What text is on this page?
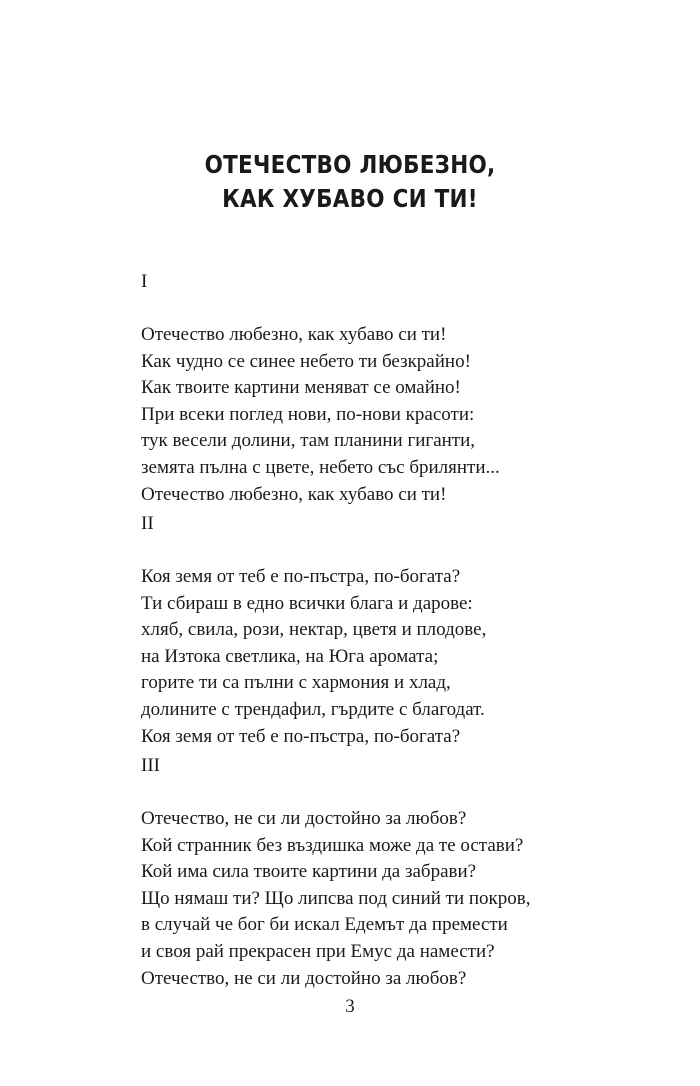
ОТЕЧЕСТВО ЛЮБЕЗНО,
КАК ХУБАВО СИ ТИ!
I
Отечество любезно, как хубаво си ти!
Как чудно се синее небето ти безкрайно!
Как твоите картини меняват се омайно!
При всеки поглед нови, по-нови красоти:
тук весели долини, там планини гиганти,
земята пълна с цвете, небето със брилянти...
Отечество любезно, как хубаво си ти!
II
Коя земя от теб е по-пъстра, по-богата?
Ти сбираш в едно всички блага и дарове:
хляб, свила, рози, нектар, цветя и плодове,
на Изтока светлика, на Юга аромата;
горите ти са пълни с хармония и хлад,
долините с трендафил, гърдите с благодат.
Коя земя от теб е по-пъстра, по-богата?
III
Отечество, не си ли достойно за любов?
Кой странник без въздишка може да те остави?
Кой има сила твоите картини да забрави?
Що нямаш ти? Що липсва под синий ти покров,
в случай че бог би искал Едемът да премести
и своя рай прекрасен при Емус да намести?
Отечество, не си ли достойно за любов?
3
